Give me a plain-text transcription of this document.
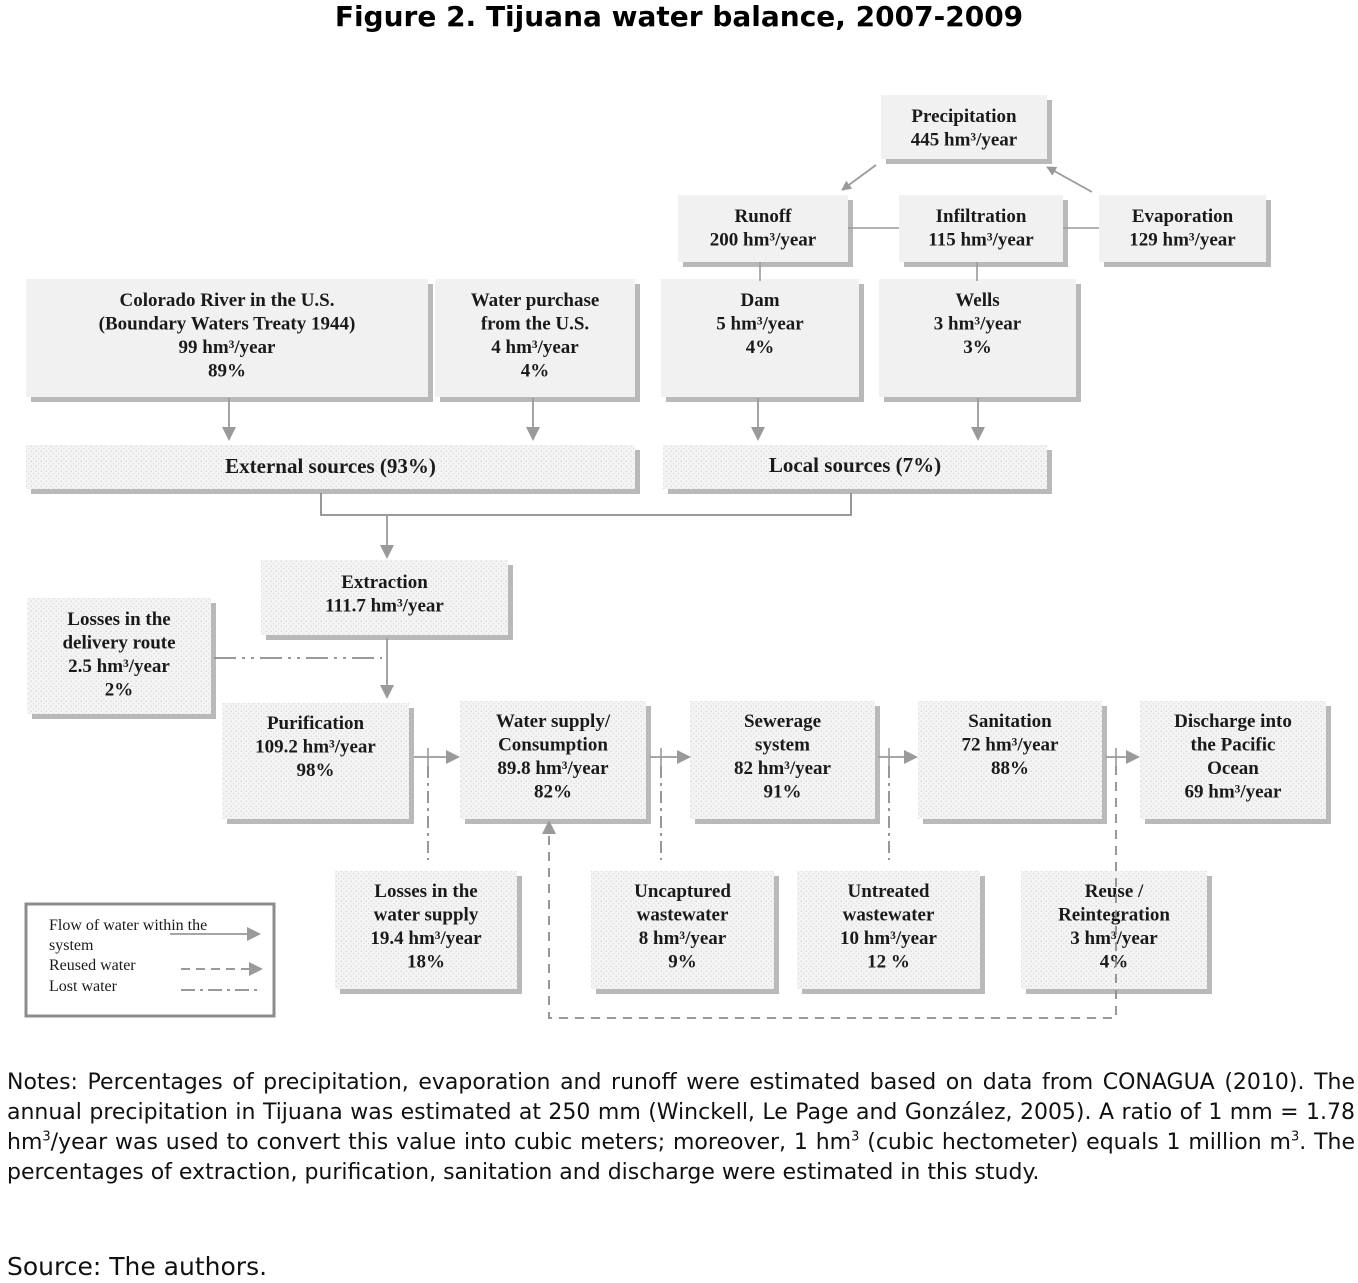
Figure 2. Tijuana water balance, 2007-2009
Precipitation
445 hm³/year
Runoff
200 hm³/year
Infiltration
115 hm³/year
Evaporation
129 hm³/year
Colorado River in the U.S.
(Boundary Waters Treaty 1944)
99 hm³/year
89%
Water purchase
from the U.S.
4 hm³/year
4%
Dam
5 hm³/year
4%
Wells
3 hm³/year
3%
External sources (93%)	Local sources (7%)
Extraction
111.7 hm³/year
Losses in the
delivery route
2.5 hm³/year
2%
Purification
109.2 hm³/year
98%
Water supply/
Consumption
89.8 hm³/year
82%
Sewerage
system
82 hm³/year
91%
Sanitation
72 hm³/year
88%
Discharge into
the Pacific
Ocean
69 hm³/year
Losses in the
water supply
19.4 hm³/year
18%
Uncaptured
wastewater
8 hm³/year
9%
Untreated
wastewater
10 hm³/year
12 %
Reuse /
Reintegration
3 hm³/year
4%
Flow of water within the
system
Reused water
Lost water
Notes: Percentages of precipitation, evaporation and runoff were estimated based on data from CONAGUA (2010). The annual precipitation in Tijuana was estimated at 250 mm (Winckell, Le Page and González, 2005). A ratio of 1 mm = 1.78 $hm^3$/year was used to convert this value into cubic meters; moreover, 1 $hm^3$ (cubic hectometer) equals 1 million $m^3$. The percentages of extraction, purification, sanitation and discharge were estimated in this study.
Source: The authors.
